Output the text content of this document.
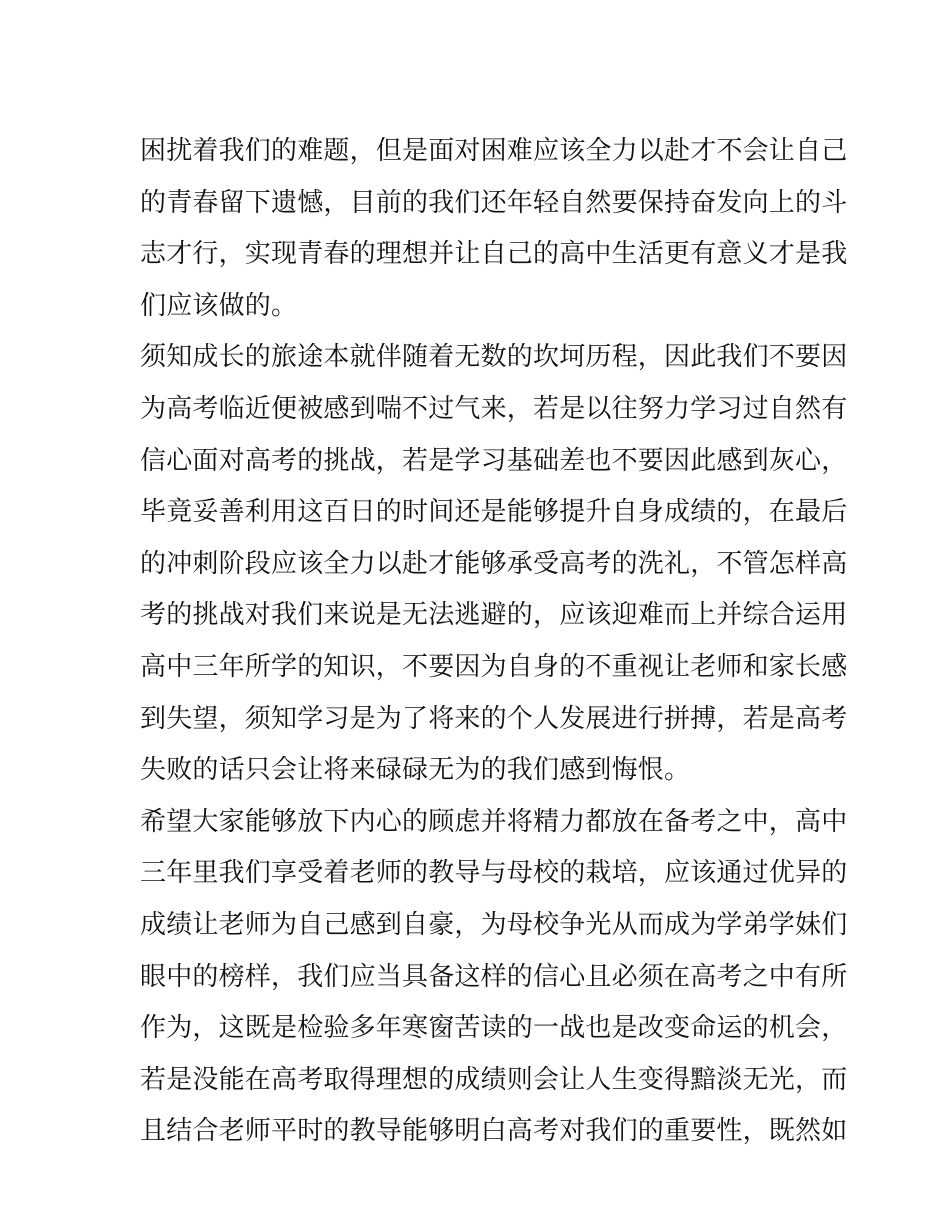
困扰着我们的难题，但是面对困难应该全力以赴才不会让自己
的青春留下遗憾，目前的我们还年轻自然要保持奋发向上的斗
志才行，实现青春的理想并让自己的高中生活更有意义才是我
们应该做的。
须知成长的旅途本就伴随着无数的坎坷历程，因此我们不要因
为高考临近便被感到喘不过气来，若是以往努力学习过自然有
信心面对高考的挑战，若是学习基础差也不要因此感到灰心，
毕竟妥善利用这百日的时间还是能够提升自身成绩的，在最后
的冲刺阶段应该全力以赴才能够承受高考的洗礼，不管怎样高
考的挑战对我们来说是无法逃避的，应该迎难而上并综合运用
高中三年所学的知识，不要因为自身的不重视让老师和家长感
到失望，须知学习是为了将来的个人发展进行拼搏，若是高考
失败的话只会让将来碌碌无为的我们感到悔恨。
希望大家能够放下内心的顾虑并将精力都放在备考之中，高中
三年里我们享受着老师的教导与母校的栽培，应该通过优异的
成绩让老师为自己感到自豪，为母校争光从而成为学弟学妹们
眼中的榜样，我们应当具备这样的信心且必须在高考之中有所
作为，这既是检验多年寒窗苦读的一战也是改变命运的机会，
若是没能在高考取得理想的成绩则会让人生变得黯淡无光，而
且结合老师平时的教导能够明白高考对我们的重要性，既然如
